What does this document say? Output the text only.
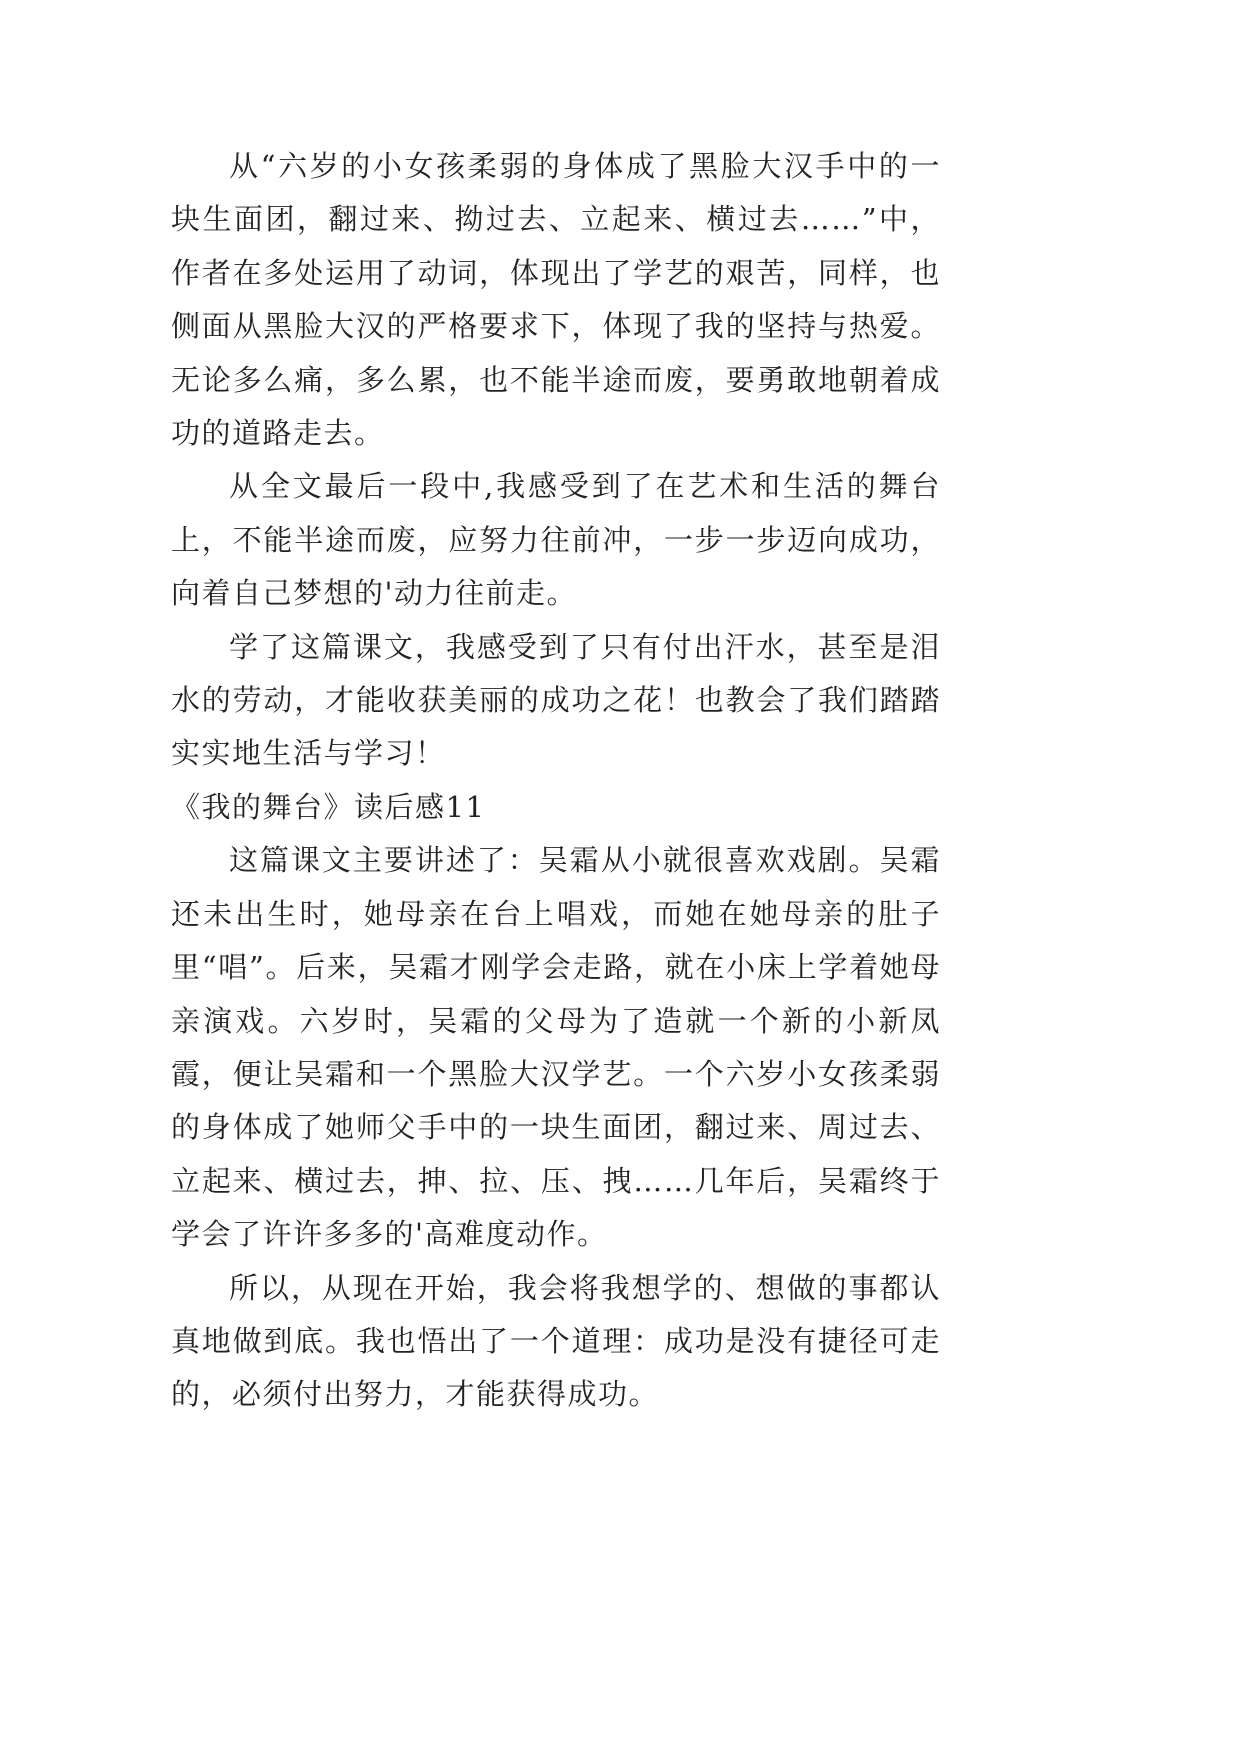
从“六岁的小女孩柔弱的身体成了黑脸大汉手中的一块生面团，翻过来、拗过去、立起来、横过去……”中，作者在多处运用了动词，体现出了学艺的艰苦，同样，也侧面从黑脸大汉的严格要求下，体现了我的坚持与热爱。无论多么痛，多么累，也不能半途而废，要勇敢地朝着成功的道路走去。

从全文最后一段中,我感受到了在艺术和生活的舞台上，不能半途而废，应努力往前冲，一步一步迈向成功，向着自己梦想的'动力往前走。

学了这篇课文，我感受到了只有付出汗水，甚至是泪水的劳动，才能收获美丽的成功之花！也教会了我们踏踏实实地生活与学习！

《我的舞台》读后感11

这篇课文主要讲述了：吴霜从小就很喜欢戏剧。吴霜还未出生时，她母亲在台上唱戏，而她在她母亲的肚子里“唱”。后来，吴霜才刚学会走路，就在小床上学着她母亲演戏。六岁时，吴霜的父母为了造就一个新的小新凤霞，便让吴霜和一个黑脸大汉学艺。一个六岁小女孩柔弱的身体成了她师父手中的一块生面团，翻过来、周过去、立起来、横过去，抻、拉、压、拽……几年后，吴霜终于学会了许许多多的'高难度动作。

所以，从现在开始，我会将我想学的、想做的事都认真地做到底。我也悟出了一个道理：成功是没有捷径可走的，必须付出努力，才能获得成功。
